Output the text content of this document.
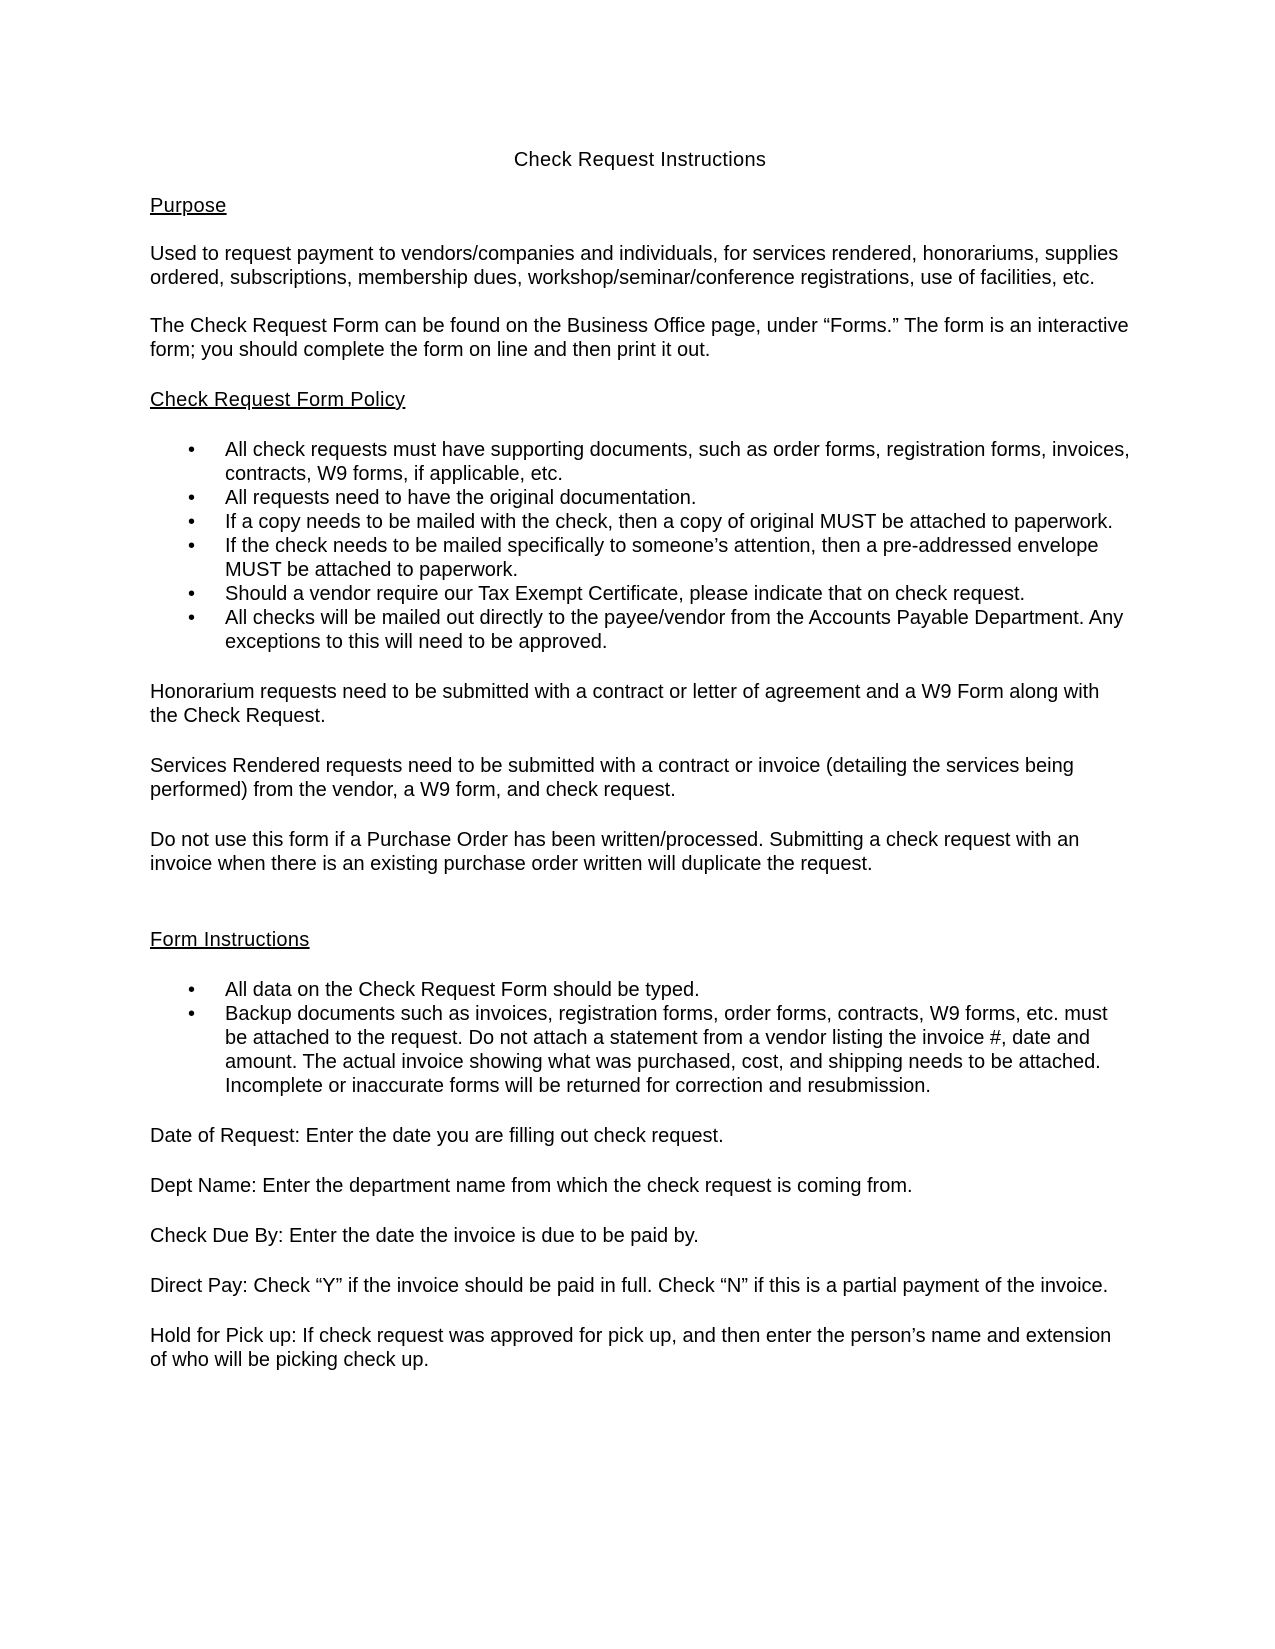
Check Request Instructions

Purpose

Used to request payment to vendors/companies and individuals, for services rendered, honorariums, supplies ordered, subscriptions, membership dues, workshop/seminar/conference registrations, use of facilities, etc.

The Check Request Form can be found on the Business Office page, under “Forms.” The form is an interactive form; you should complete the form on line and then print it out.

Check Request Form Policy

• All check requests must have supporting documents, such as order forms, registration forms, invoices, contracts, W9 forms, if applicable, etc.
• All requests need to have the original documentation.
• If a copy needs to be mailed with the check, then a copy of original MUST be attached to paperwork.
• If the check needs to be mailed specifically to someone’s attention, then a pre-addressed envelope MUST be attached to paperwork.
• Should a vendor require our Tax Exempt Certificate, please indicate that on check request.
• All checks will be mailed out directly to the payee/vendor from the Accounts Payable Department. Any exceptions to this will need to be approved.

Honorarium requests need to be submitted with a contract or letter of agreement and a W9 Form along with the Check Request.

Services Rendered requests need to be submitted with a contract or invoice (detailing the services being performed) from the vendor, a W9 form, and check request.

Do not use this form if a Purchase Order has been written/processed. Submitting a check request with an invoice when there is an existing purchase order written will duplicate the request.

Form Instructions

• All data on the Check Request Form should be typed.
• Backup documents such as invoices, registration forms, order forms, contracts, W9 forms, etc. must be attached to the request. Do not attach a statement from a vendor listing the invoice #, date and amount. The actual invoice showing what was purchased, cost, and shipping needs to be attached. Incomplete or inaccurate forms will be returned for correction and resubmission.

Date of Request: Enter the date you are filling out check request.

Dept Name: Enter the department name from which the check request is coming from.

Check Due By: Enter the date the invoice is due to be paid by.

Direct Pay: Check “Y” if the invoice should be paid in full. Check “N” if this is a partial payment of the invoice.

Hold for Pick up: If check request was approved for pick up, and then enter the person’s name and extension of who will be picking check up.
